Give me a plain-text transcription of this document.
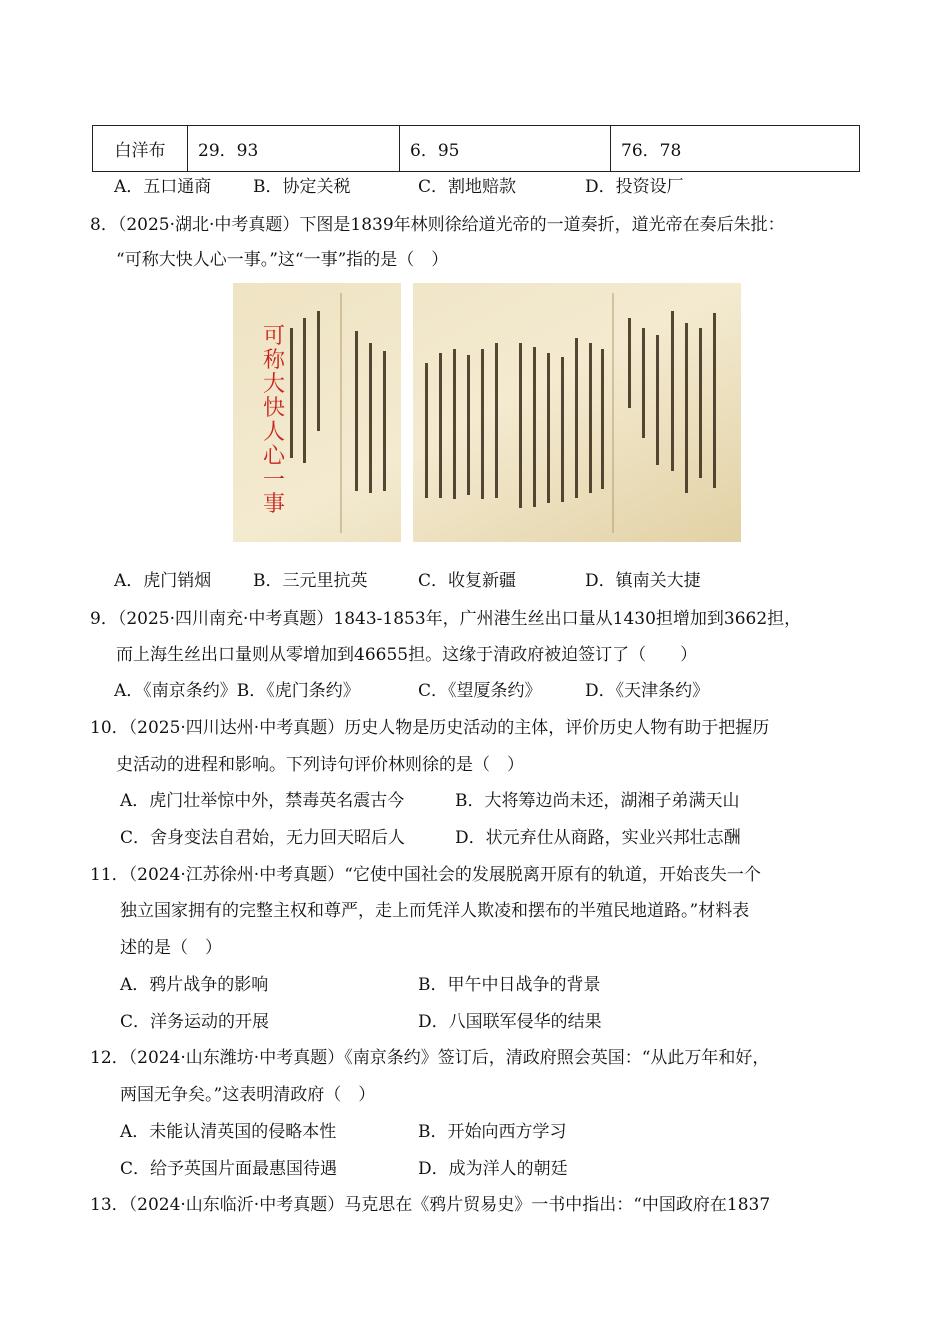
白洋布	29．93	6．95	76．78
A．五口通商 B．协定关税	C．割地赔款	D．投资设厂
8．（2025·湖北·中考真题）下图是1839年林则徐给道光帝的一道奏折，道光帝在奏后朱批：
“可称大快人心一事。”这“一事”指的是（　）
可称大快人心一事
A．虎门销烟 B．三元里抗英	C．收复新疆	D．镇南关大捷
9．（2025·四川南充·中考真题）1843-1853年，广州港生丝出口量从1430担增加到3662担，
而上海生丝出口量则从零增加到46655担。这缘于清政府被迫签订了（　　）
A．《南京条约》B．《虎门条约》	C．《望厦条约》	D．《天津条约》
10．（2025·四川达州·中考真题）历史人物是历史活动的主体，评价历史人物有助于把握历
史活动的进程和影响。下列诗句评价林则徐的是（　）
A．虎门壮举惊中外，禁毒英名震古今	B．大将筹边尚未还，湖湘子弟满天山
C．舍身变法自君始，无力回天昭后人	D．状元弃仕从商路，实业兴邦壮志酬
11．（2024·江苏徐州·中考真题）“它使中国社会的发展脱离开原有的轨道，开始丧失一个
独立国家拥有的完整主权和尊严，走上而凭洋人欺凌和摆布的半殖民地道路。”材料表
述的是（　）
A．鸦片战争的影响	B．甲午中日战争的背景
C．洋务运动的开展	D．八国联军侵华的结果
12．（2024·山东潍坊·中考真题）《南京条约》签订后，清政府照会英国：“从此万年和好，
两国无争矣。”这表明清政府（　）
A．未能认清英国的侵略本性	B．开始向西方学习
C．给予英国片面最惠国待遇	D．成为洋人的朝廷
13．（2024·山东临沂·中考真题）马克思在《鸦片贸易史》一书中指出：“中国政府在1837
